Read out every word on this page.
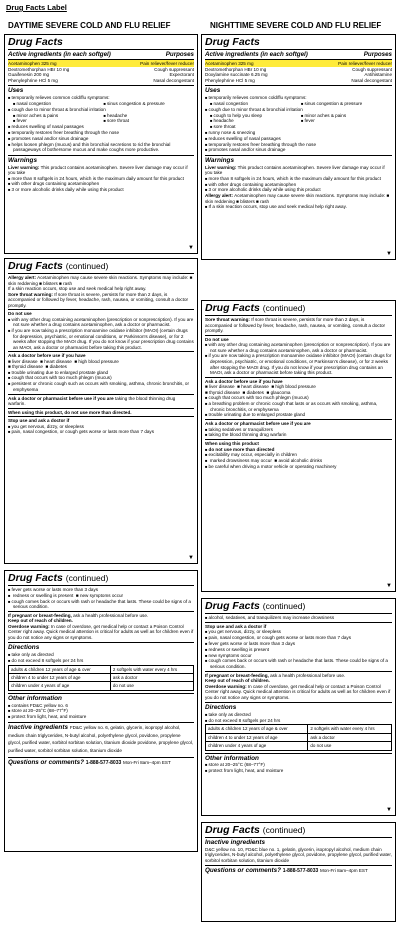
Drug Facts Label
DAYTIME SEVERE COLD AND FLU RELIEF
Drug Facts
Active ingredients (in each softgel)	Purposes
Acetaminophen 325 mg	Pain reliever/fever reducer
Dextromethorphan HBr 10 mg	Cough suppressant
Guaifenesin 200 mg	Expectorant
Phenylephrine HCl 5 mg	Nasal decongestant
Uses
■ temporarily relieves common cold/flu symptoms:
■ nasal congestion	■ sinus congestion & pressure
■ cough due to minor throat & bronchial irritation
■ minor aches & pains	■ headache
■ fever	■ sore throat
■ reduces swelling of nasal passages
■ temporarily restores freer breathing through the nose
■ promotes nasal and/or sinus drainage
■ helps loosen phlegm (mucus) and thin bronchial secretions to rid the bronchial passageways of bothersome mucus and make coughs more productive.
Warnings
Liver warning: This product contains acetaminophen. Severe liver damage may occur if you take
■ more than 8 softgels in 24 hours, which is the maximum daily amount for this product
■ with other drugs containing acetaminophen
■ 3 or more alcoholic drinks daily while using this product
▼
Drug Facts (continued)
Allergy alert: Acetaminophen may cause severe skin reactions. Symptoms may include: ■ skin reddening ■ blisters ■ rash
If a skin reaction occurs, stop use and seek medical help right away.
Sore throat warning: If sore throat is severe, persists for more than 2 days, is accompanied or followed by fever, headache, rash, nausea, or vomiting, consult a doctor promptly.
Do not use
■ with any other drug containing acetaminophen (prescription or nonprescription). If you are not sure whether a drug contains acetaminophen, ask a doctor or pharmacist.
■ if you are now taking a prescription monoamine oxidase inhibitor (MAOI) (certain drugs for depression, psychiatric, or emotional conditions, or Parkinson's disease), or for 2 weeks after stopping the MAOI drug. If you do not know if your prescription drug contains an MAOI, ask a doctor or pharmacist before taking this product.
Ask a doctor before use if you have
■ liver disease  ■ heart disease  ■ high blood pressure
■ thyroid disease  ■ diabetes
■ trouble urinating due to enlarged prostate gland
■ cough that occurs with too much phlegm (mucus)
■ persistent or chronic cough such as occurs with smoking, asthma, chronic bronchitis, or emphysema
Ask a doctor or pharmacist before use if you are taking the blood thinning drug warfarin.
When using this product, do not use more than directed.
Stop use and ask a doctor if
■ you get nervous, dizzy, or sleepless
■ pain, nasal congestion, or cough gets worse or lasts more than 7 days
▼
Drug Facts (continued)
■ fever gets worse or lasts more than 3 days
■ redness or swelling is present  ■ new symptoms occur
■ cough comes back or occurs with rash or headache that lasts. These could be signs of a serious condition.
If pregnant or breast-feeding, ask a health professional before use.
Keep out of reach of children.
Overdose warning: In case of overdose, get medical help or contact a Poison Control Center right away. Quick medical attention is critical for adults as well as for children even if you do not notice any signs or symptoms.
Directions
■ take only as directed
■ do not exceed 8 softgels per 24 hrs
adults & children 12 years of age & over	2 softgels with water every 4 hrs
children 4 to under 12 years of age	ask a doctor
children under 4 years of age	do not use
Other information
■ contains FD&C yellow no. 6
■ store at 20–25°C (68–77°F)
■ protect from light, heat, and moisture
Inactive ingredients FD&C yellow no. 6, gelatin, glycerin, isopropyl alcohol, medium chain triglycerides, N-butyl alcohol, polyethylene glycol, povidone, propylene glycol, purified water, sorbitol sorbitan solution, titanium dioxide povidone, propylene glycol, purified water, sorbitol sorbitan solution, titanium dioxide
Questions or comments? 1-888-577-8033 Mon-Fri 8am–4pm EST
NIGHTTIME SEVERE COLD AND FLU RELIEF
Drug Facts
Active ingredients (in each softgel)	Purposes
Acetaminophen 325 mg	Pain reliever/fever reducer
Dextromethorphan HBr 10 mg	Cough suppressant
Doxylamine succinate 6.25 mg	Antihistamine
Phenylephrine HCl 5 mg	Nasal decongestant
Uses
■ temporarily relieves common cold/flu symptoms:
■ nasal congestion	■ sinus congestion & pressure
■ cough due to minor throat & bronchial irritation
■ cough to help you sleep	■ minor aches & pains
■ headache	■ fever
■ sore throat
■ runny nose & sneezing
■ reduces swelling of nasal passages
■ temporarily restores freer breathing through the nose
■ promotes nasal and/or sinus drainage
Warnings
Liver warning: This product contains acetaminophen. Severe liver damage may occur if you take
■ more than 8 softgels in 24 hours, which is the maximum daily amount for this product
■ with other drugs containing acetaminophen
■ 3 or more alcoholic drinks daily while using this product
Allergy alert: Acetaminophen may cause severe skin reactions. Symptoms may include: ■ skin reddening ■ blisters ■ rash
■ If a skin reaction occurs, stop use and seek medical help right away.
▼
Drug Facts (continued)
Sore throat warning: If sore throat is severe, persists for more than 2 days, is accompanied or followed by fever, headache, rash, nausea, or vomiting, consult a doctor promptly.
Do not use
■ with any other drug containing acetaminophen (prescription or nonprescription). If you are not sure whether a drug contains acetaminophen, ask a doctor or pharmacist.
■ if you are now taking a prescription monoamine oxidase inhibitor (MAOI) (certain drugs for depression, psychiatric, or emotional conditions, or Parkinson's disease), or for 2 weeks after stopping the MAOI drug. If you do not know if your prescription drug contains an MAOI, ask a doctor or pharmacist before taking this product.
Ask a doctor before use if you have
■ liver disease  ■ heart disease  ■ high blood pressure
■ thyroid disease  ■ diabetes  ■ glaucoma
■ cough that occurs with too much phlegm (mucus)
■ a breathing problem or chronic cough that lasts or as occurs with smoking, asthma, chronic bronchitis, or emphysema
■ trouble urinating due to enlarged prostate gland
Ask a doctor or pharmacist before use if you are
■ taking sedatives or tranquilizers
■ taking the blood thinning drug warfarin
When using this product
■ do not use more than directed
■ excitability may occur, especially in children
■ marked drowsiness may occur  ■ avoid alcoholic drinks
■ be careful when driving a motor vehicle or operating machinery
▼
Drug Facts (continued)
■ alcohol, sedatives, and tranquilizers may increase drowsiness
Stop use and ask a doctor if
■ you get nervous, dizzy, or sleepless
■ pain, nasal congestion, or cough gets worse or lasts more than 7 days
■ fever gets worse or lasts more than 3 days
■ redness or swelling is present
■ new symptoms occur
■ cough comes back or occurs with rash or headache that lasts. These could be signs of a serious condition.
If pregnant or breast-feeding, ask a health professional before use.
Keep out of reach of children.
Overdose warning: In case of overdose, get medical help or contact a Poison Control Center right away. Quick medical attention is critical for adults as well as for children even if you do not notice any signs or symptoms.
Directions
■ take only as directed
■ do not exceed 8 softgels per 24 hrs
adults & children 12 years of age & over	2 softgels with water every 4 hrs
children 4 to under 12 years of age	ask a doctor
children under 4 years of age	do not use
Other information
■ store at 20–25°C (68–77°F)
■ protect from light, heat, and moisture
▼
Drug Facts (continued)
Inactive ingredients
D&C yellow no. 10, FD&C blue no. 1, gelatin, glycerin, isopropyl alcohol, medium chain triglycerides, N-butyl alcohol, polyethylene glycol, povidone, propylene glycol, purified water, sorbitol sorbitan solution, titanium dioxide
Questions or comments? 1-888-577-8033 Mon-Fri 8am–4pm EST
